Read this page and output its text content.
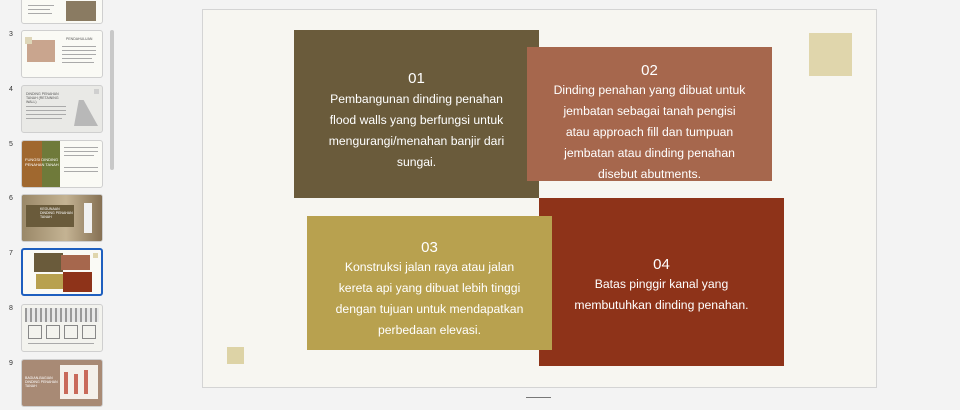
3
PENDAHULUAN
4
DINDING PENAHAN TANAH (RETAINING WALL)
5
FUNGSI DINDING PENAHAN TANAH
6
KEGUNAAN DINDING PENAHAN TANAH
7
8
9
BAGIAN-BAGIAN DINDING PENAHAN TANAH
01
Pembangunan dinding penahan
flood walls yang berfungsi untuk
mengurangi/menahan banjir dari
sungai.
02
Dinding penahan yang dibuat untuk
jembatan sebagai tanah pengisi
atau approach fill dan tumpuan
jembatan atau dinding penahan
disebut abutments.
04
Batas pinggir kanal yang
membutuhkan dinding penahan.
03
Konstruksi jalan raya atau jalan
kereta api yang dibuat lebih tinggi
dengan tujuan untuk mendapatkan
perbedaan elevasi.
